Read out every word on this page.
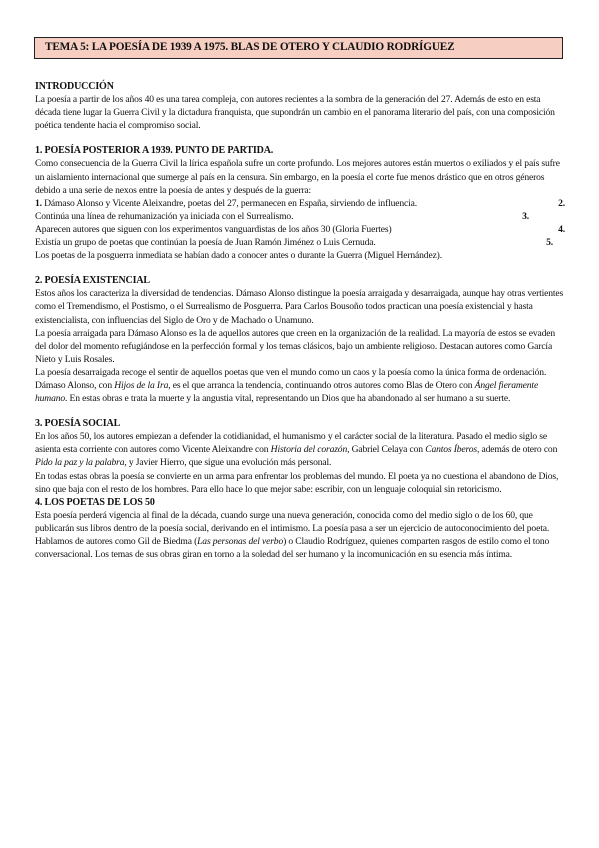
TEMA 5: LA POESÍA DE 1939 A 1975. BLAS DE OTERO Y CLAUDIO RODRÍGUEZ

INTRODUCCIÓN

La poesía a partir de los años 40 es una tarea compleja, con autores recientes a la sombra de la generación del 27. Además de esto en esta década tiene lugar la Guerra Civil y la dictadura franquista, que supondrán un cambio en el panorama literario del país, con una composición poética tendente hacia el compromiso social.

1. POESÍA POSTERIOR A 1939. PUNTO DE PARTIDA.

Como consecuencia de la Guerra Civil la lírica española sufre un corte profundo. Los mejores autores están muertos o exiliados y el país sufre un aislamiento internacional que sumerge al país en la censura. Sin embargo, en la poesía el corte fue menos drástico que en otros géneros debido a una serie de nexos entre la poesía de antes y después de la guerra:

1. Dámaso Alonso y Vicente Aleixandre, poetas del 27, permanecen en España, sirviendo de influencia.	2.
Continúa una línea de rehumanización ya iniciada con el Surrealismo.	3.
Aparecen autores que siguen con los experimentos vanguardistas de los años 30 (Gloria Fuertes)	4.
Existía un grupo de poetas que continúan la poesía de Juan Ramón Jiménez o Luis Cernuda.	5.

Los poetas de la posguerra inmediata se habían dado a conocer antes o durante la Guerra (Miguel Hernández).

2. POESÍA EXISTENCIAL

Estos años los caracteriza la diversidad de tendencias. Dámaso Alonso distingue la poesía arraigada y desarraigada, aunque hay otras vertientes como el Tremendismo, el Postismo, o el Surrealismo de Posguerra. Para Carlos Bousoño todos practican una poesía existencial y hasta existencialista, con influencias del Siglo de Oro y de Machado o Unamuno.

La poesía arraigada para Dámaso Alonso es la de aquellos autores que creen en la organización de la realidad. La mayoría de estos se evaden del dolor del momento refugiándose en la perfección formal y los temas clásicos, bajo un ambiente religioso. Destacan autores como García Nieto y Luis Rosales.

La poesía desarraigada recoge el sentir de aquellos poetas que ven el mundo como un caos y la poesía como la única forma de ordenación. Dámaso Alonso, con Hijos de la Ira, es el que arranca la tendencia, continuando otros autores como Blas de Otero con Ángel fieramente humano. En estas obras e trata la muerte y la angustia vital, representando un Dios que ha abandonado al ser humano a su suerte.

3. POESÍA SOCIAL

En los años 50, los autores empiezan a defender la cotidianidad, el humanismo y el carácter social de la literatura. Pasado el medio siglo se asienta esta corriente con autores como Vicente Aleixandre con Historia del corazón, Gabriel Celaya con Cantos Íberos, además de otero con Pido la paz y la palabra, y Javier Hierro, que sigue una evolución más personal.

En todas estas obras la poesía se convierte en un arma para enfrentar los problemas del mundo. El poeta ya no cuestiona el abandono de Dios, sino que baja con el resto de los hombres. Para ello hace lo que mejor sabe: escribir, con un lenguaje coloquial sin retoricismo.

4. LOS POETAS DE LOS 50

Esta poesía perderá vigencia al final de la década, cuando surge una nueva generación, conocida como del medio siglo o de los 60, que publicarán sus libros dentro de la poesía social, derivando en el intimismo. La poesía pasa a ser un ejercicio de autoconocimiento del poeta. Hablamos de autores como Gil de Biedma (Las personas del verbo) o Claudio Rodríguez, quienes comparten rasgos de estilo como el tono conversacional. Los temas de sus obras giran en torno a la soledad del ser humano y la incomunicación en su esencia más íntima.
